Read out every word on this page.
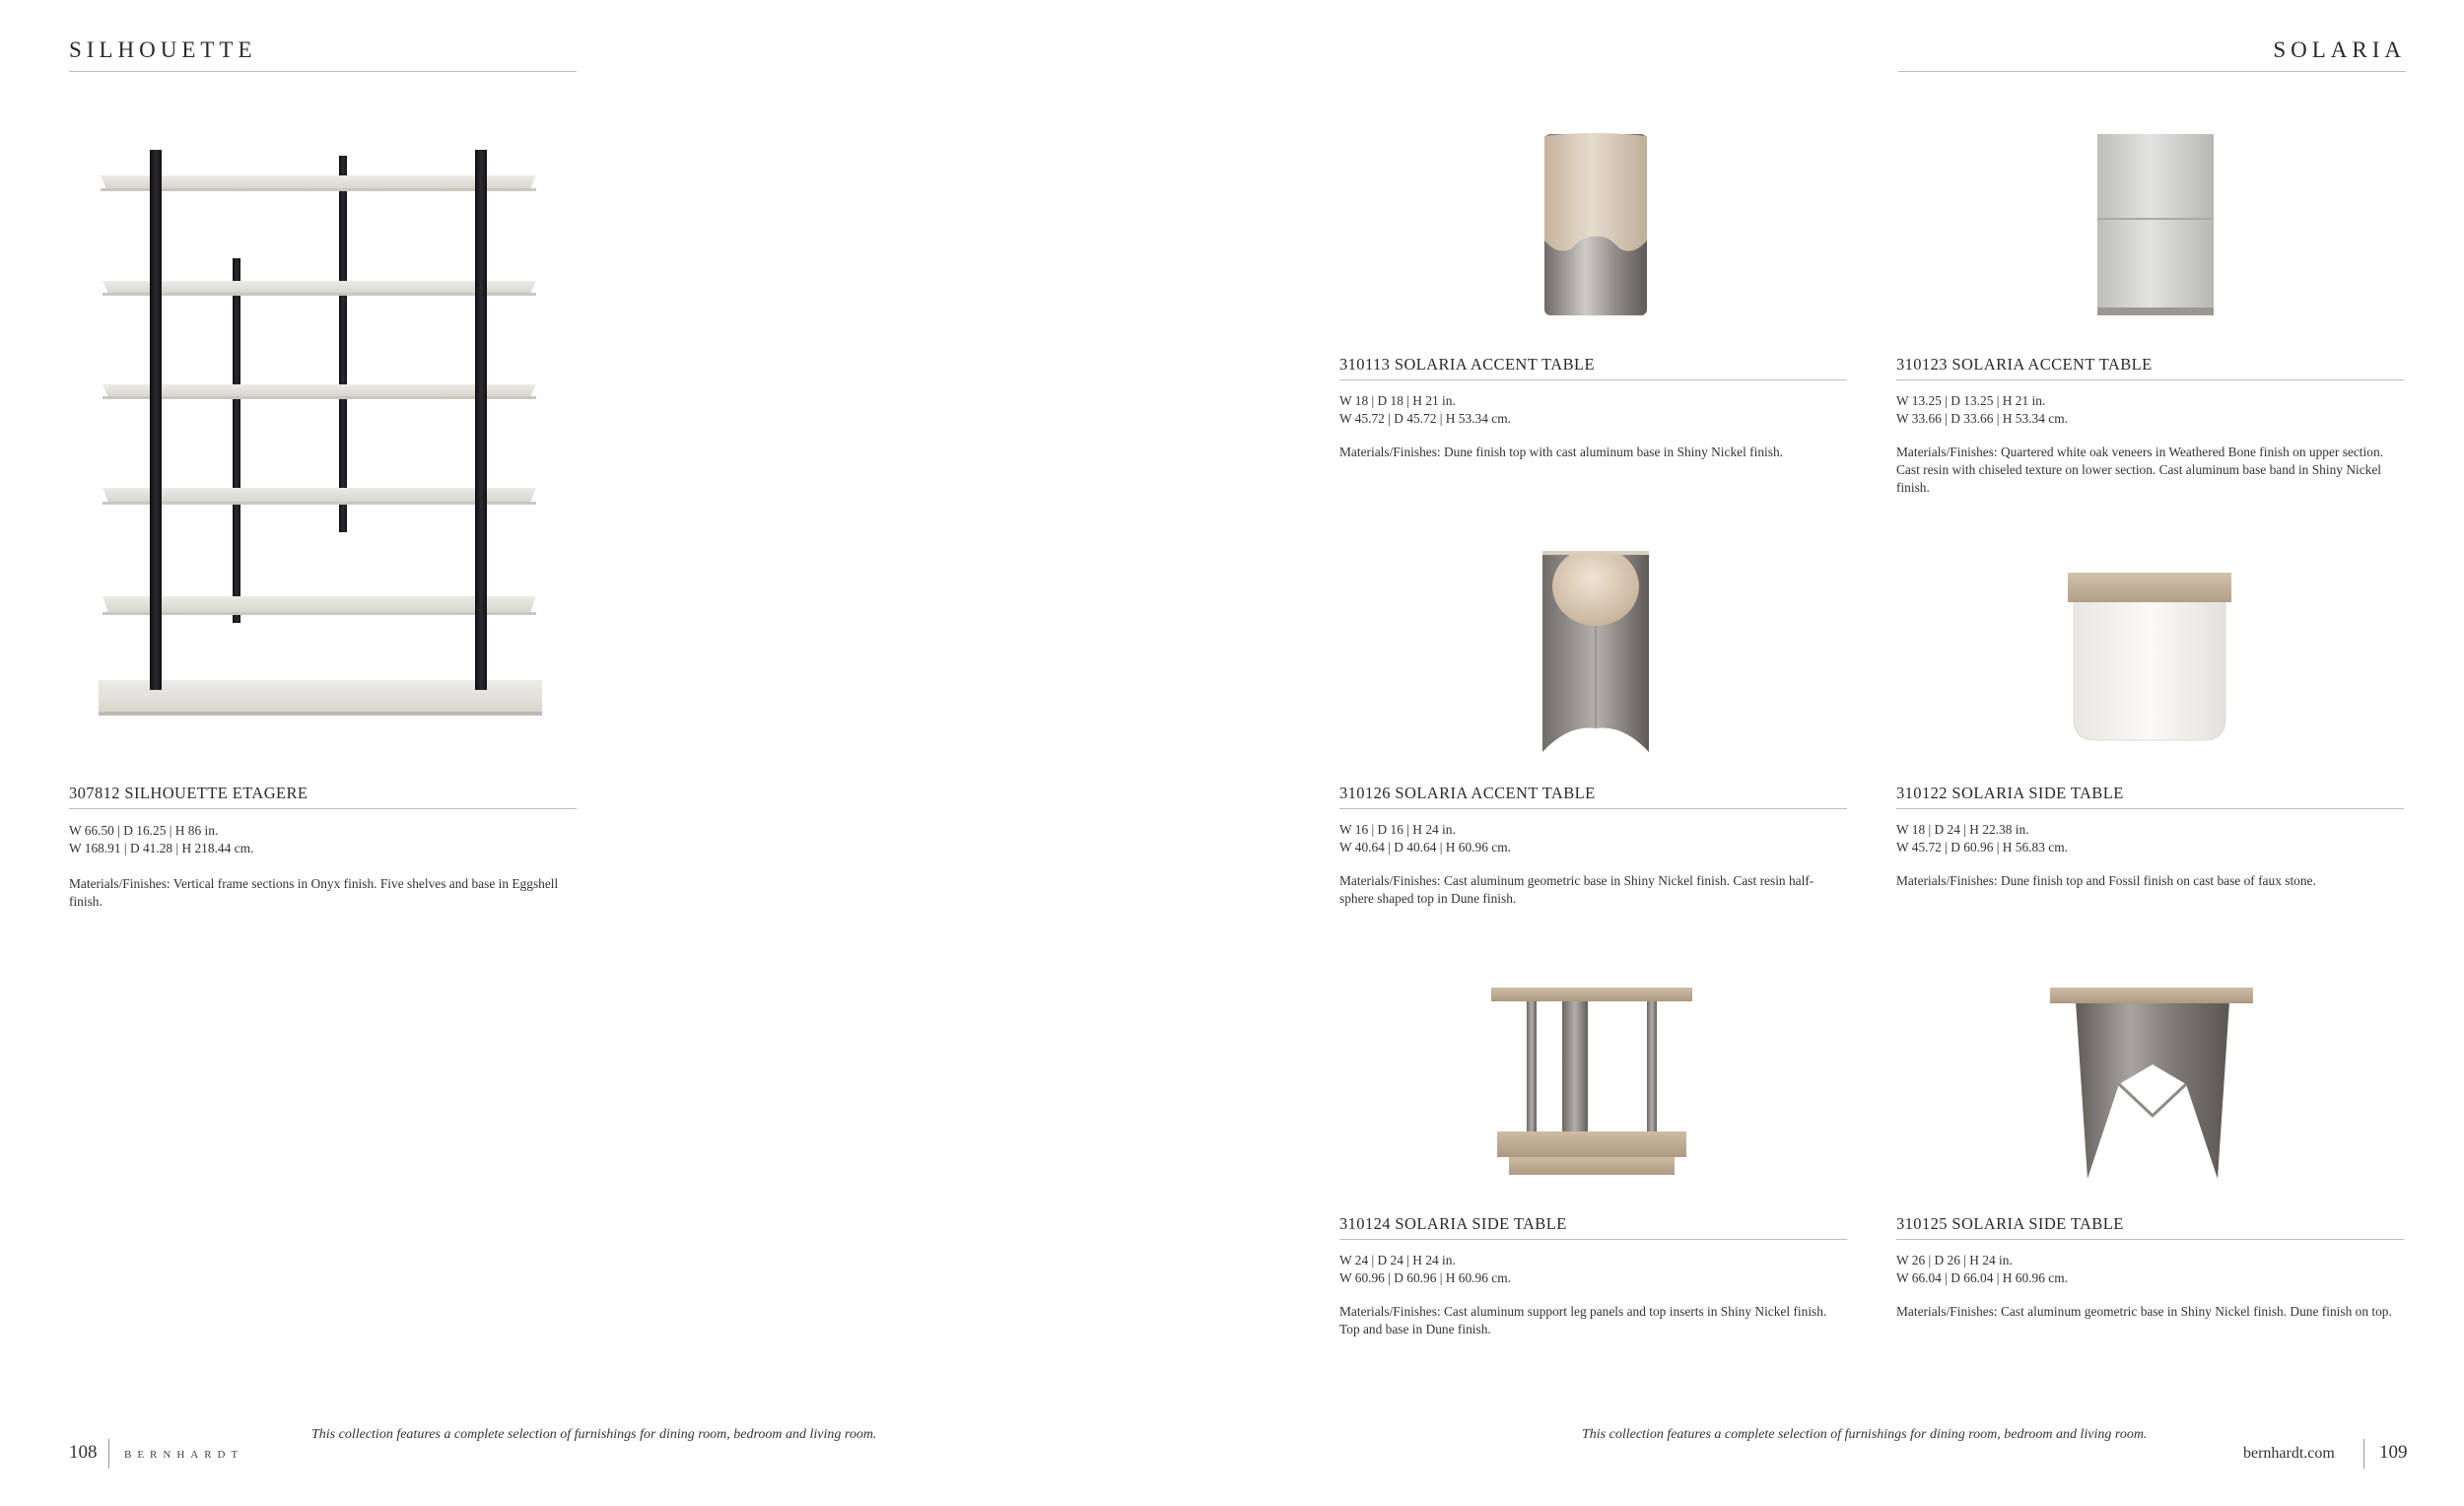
SILHOUETTE
307812 SILHOUETTE ETAGERE
W 66.50 | D 16.25 | H 86 in.
W 168.91 | D 41.28 | H 218.44 cm.
Materials/Finishes: Vertical frame sections in Onyx finish. Five shelves and base in Eggshell finish.
This collection features a complete selection of furnishings for dining room, bedroom and living room.
108	BERNHARDT
SOLARIA
310113 SOLARIA ACCENT TABLE
W 18 | D 18 | H 21 in.
W 45.72 | D 45.72 | H 53.34 cm.
Materials/Finishes: Dune finish top with cast aluminum base in Shiny Nickel finish.
310123 SOLARIA ACCENT TABLE
W 13.25 | D 13.25 | H 21 in.
W 33.66 | D 33.66 | H 53.34 cm.
Materials/Finishes: Quartered white oak veneers in Weathered Bone finish on upper section. Cast resin with chiseled texture on lower section. Cast aluminum base band in Shiny Nickel finish.
310126 SOLARIA ACCENT TABLE
W 16 | D 16 | H 24 in.
W 40.64 | D 40.64 | H 60.96 cm.
Materials/Finishes: Cast aluminum geometric base in Shiny Nickel finish. Cast resin half-sphere shaped top in Dune finish.
310122 SOLARIA SIDE TABLE
W 18 | D 24 | H 22.38 in.
W 45.72 | D 60.96 | H 56.83 cm.
Materials/Finishes: Dune finish top and Fossil finish on cast base of faux stone.
310124 SOLARIA SIDE TABLE
W 24 | D 24 | H 24 in.
W 60.96 | D 60.96 | H 60.96 cm.
Materials/Finishes: Cast aluminum support leg panels and top inserts in Shiny Nickel finish. Top and base in Dune finish.
310125 SOLARIA SIDE TABLE
W 26 | D 26 | H 24 in.
W 66.04 | D 66.04 | H 60.96 cm.
Materials/Finishes: Cast aluminum geometric base in Shiny Nickel finish. Dune finish on top.
This collection features a complete selection of furnishings for dining room, bedroom and living room.
bernhardt.com 109
